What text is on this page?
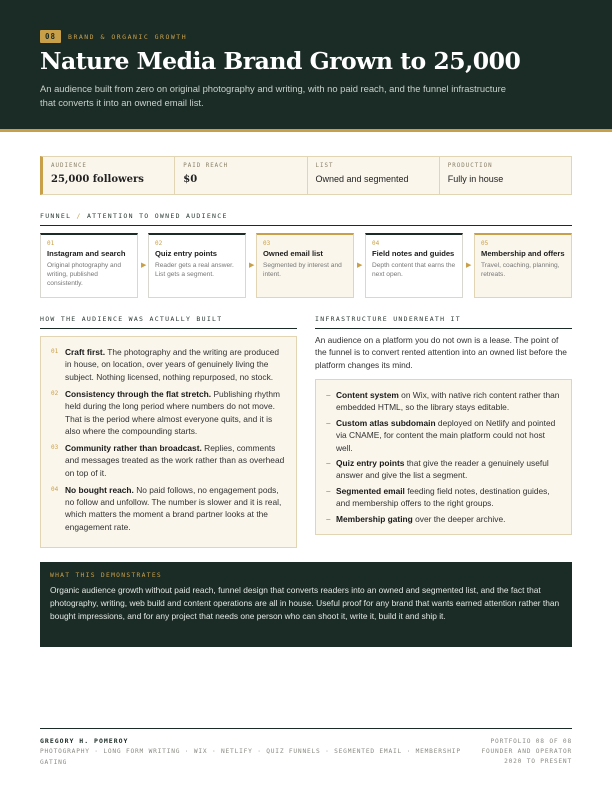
08	BRAND & ORGANIC GROWTH
Nature Media Brand Grown to 25,000
An audience built from zero on original photography and writing, with no paid reach, and the funnel infrastructure that converts it into an owned email list.
AUDIENCE
25,000 followers
PAID REACH
$0
LIST
Owned and segmented
PRODUCTION
Fully in house
FUNNEL / ATTENTION TO OWNED AUDIENCE
01
Instagram and search
Original photography and writing, published consistently.
▶
02
Quiz entry points
Reader gets a real answer. List gets a segment.
▶
03
Owned email list
Segmented by interest and intent.
▶
04
Field notes and guides
Depth content that earns the next open.
▶
05
Membership and offers
Travel, coaching, planning, retreats.
HOW THE AUDIENCE WAS ACTUALLY BUILT
01 Craft first. The photography and the writing are produced in house, on location, over years of genuinely living the subject. Nothing licensed, nothing repurposed, no stock.
02 Consistency through the flat stretch. Publishing rhythm held during the long period where numbers do not move. That is the period where almost everyone quits, and it is also where the compounding starts.
03 Community rather than broadcast. Replies, comments and messages treated as the work rather than as overhead on top of it.
04 No bought reach. No paid follows, no engagement pods, no follow and unfollow. The number is slower and it is real, which matters the moment a brand partner looks at the engagement rate.
INFRASTRUCTURE UNDERNEATH IT
An audience on a platform you do not own is a lease. The point of the funnel is to convert rented attention into an owned list before the platform changes its mind.
– Content system on Wix, with native rich content rather than embedded HTML, so the library stays editable.
– Custom atlas subdomain deployed on Netlify and pointed via CNAME, for content the main platform could not host well.
– Quiz entry points that give the reader a genuinely useful answer and give the list a segment.
– Segmented email feeding field notes, destination guides, and membership offers to the right groups.
– Membership gating over the deeper archive.
WHAT THIS DEMONSTRATES
Organic audience growth without paid reach, funnel design that converts readers into an owned and segmented list, and the fact that photography, writing, web build and content operations are all in house. Useful proof for any brand that wants earned attention rather than bought impressions, and for any project that needs one person who can shoot it, write it, build it and ship it.
GREGORY H. POMEROY
PHOTOGRAPHY · LONG FORM WRITING · WIX · NETLIFY · QUIZ FUNNELS · SEGMENTED EMAIL · MEMBERSHIP GATING
PORTFOLIO 08 OF 08
FOUNDER AND OPERATOR
2020 TO PRESENT
